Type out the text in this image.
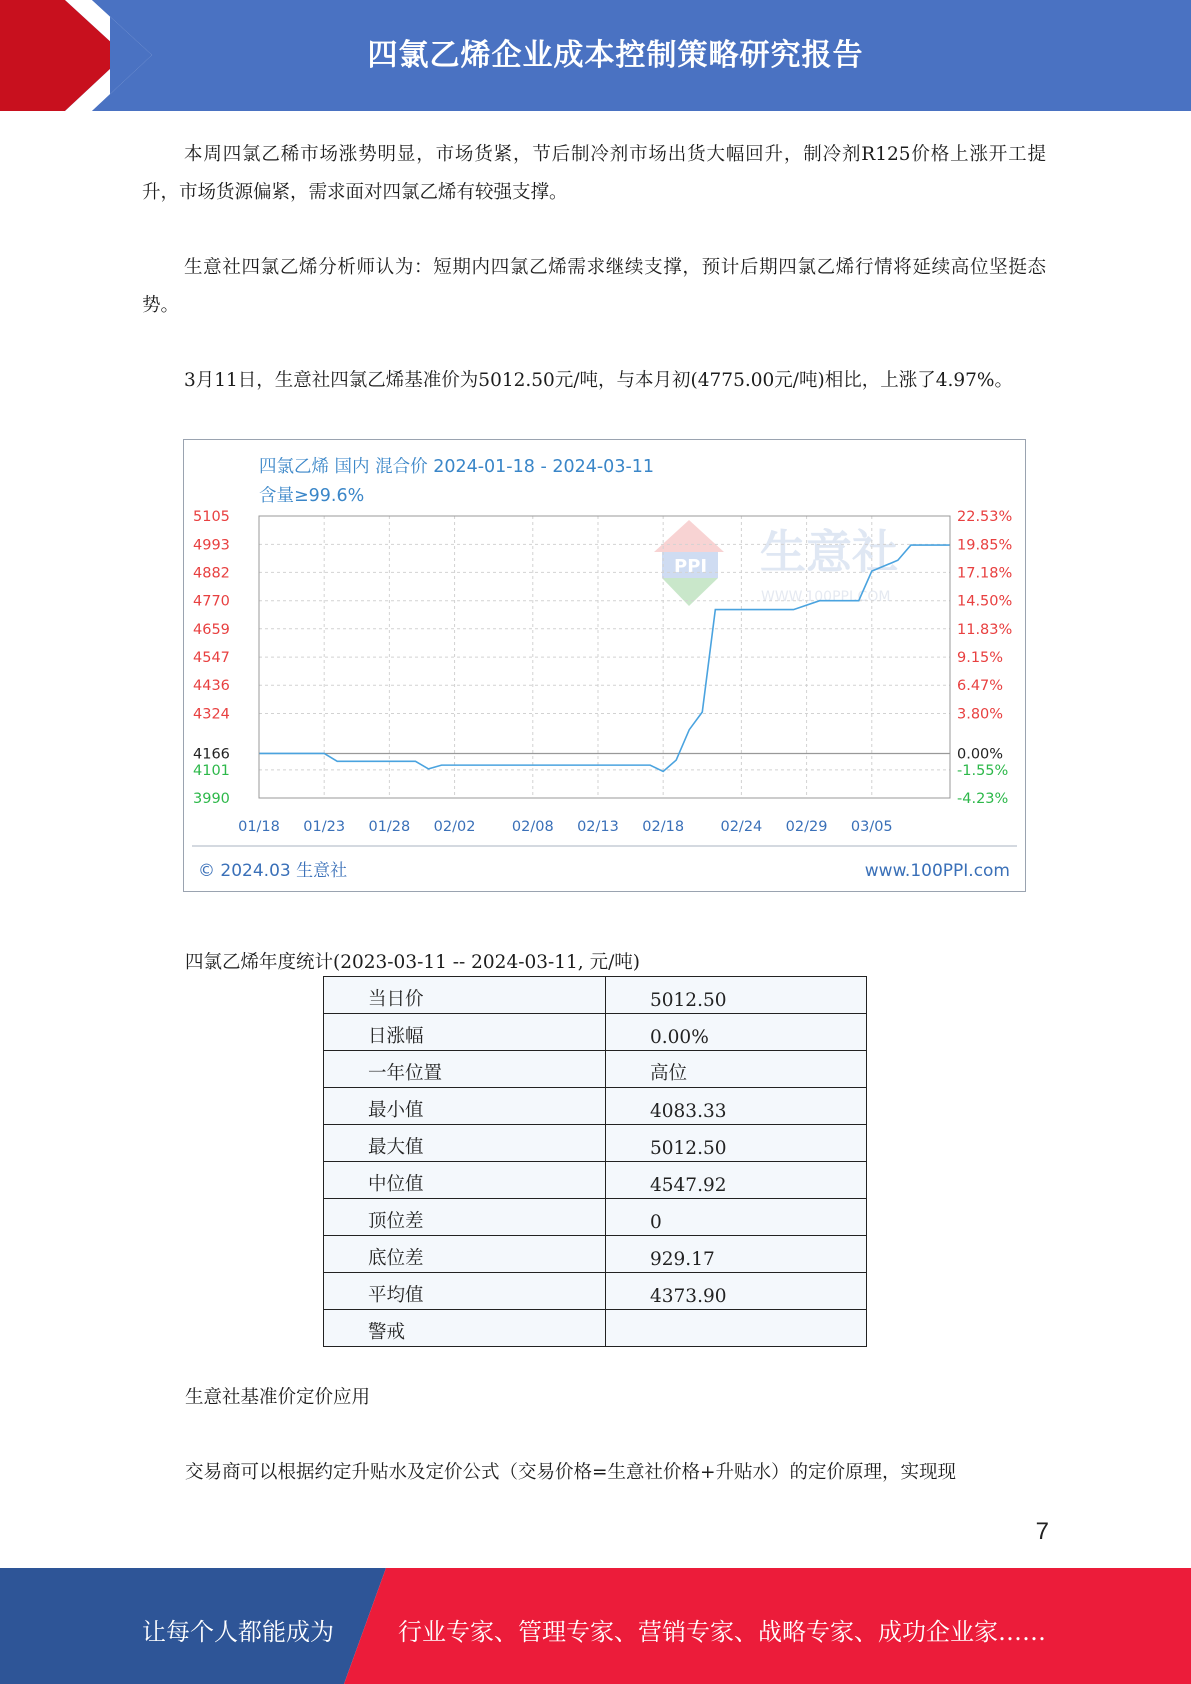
四氯乙烯企业成本控制策略研究报告
本周四氯乙稀市场涨势明显，市场货紧，节后制冷剂市场出货大幅回升，制冷剂R125价格上涨开工提升，市场货源偏紧，需求面对四氯乙烯有较强支撑。
生意社四氯乙烯分析师认为：短期内四氯乙烯需求继续支撑，预计后期四氯乙烯行情将延续高位坚挺态势。
3月11日，生意社四氯乙烯基准价为5012.50元/吨，与本月初(4775.00元/吨)相比，上涨了4.97%。
四氯乙烯 国内 混合价 2024-01-18 - 2024-03-11
含量≥99.6%
PPI 生意社
WWW.100PPI.COM
5105
4993
4882
4770
4659
4547
4436
4324
4166
4101
3990
22.53%
19.85%
17.18%
14.50%
11.83%
9.15%
6.47%
3.80%
0.00%
-1.55%
-4.23%
01/18 01/23 01/28 02/02	02/08 02/13 02/18	02/24 02/29 03/05
© 2024.03 生意社	www.100PPI.com
四氯乙烯年度统计(2023-03-11 -- 2024-03-11, 元/吨)
当日价	5012.50

日涨幅	0.00%

一年位置	高位

最小值	4083.33

最大值	5012.50

中位值	4547.92

顶位差	0

底位差	929.17

平均值	4373.90

警戒	

生意社基准价定价应用
交易商可以根据约定升贴水及定价公式（交易价格=生意社价格+升贴水）的定价原理，实现现
7
让每个人都能成为	行业专家、管理专家、营销专家、战略专家、成功企业家……
